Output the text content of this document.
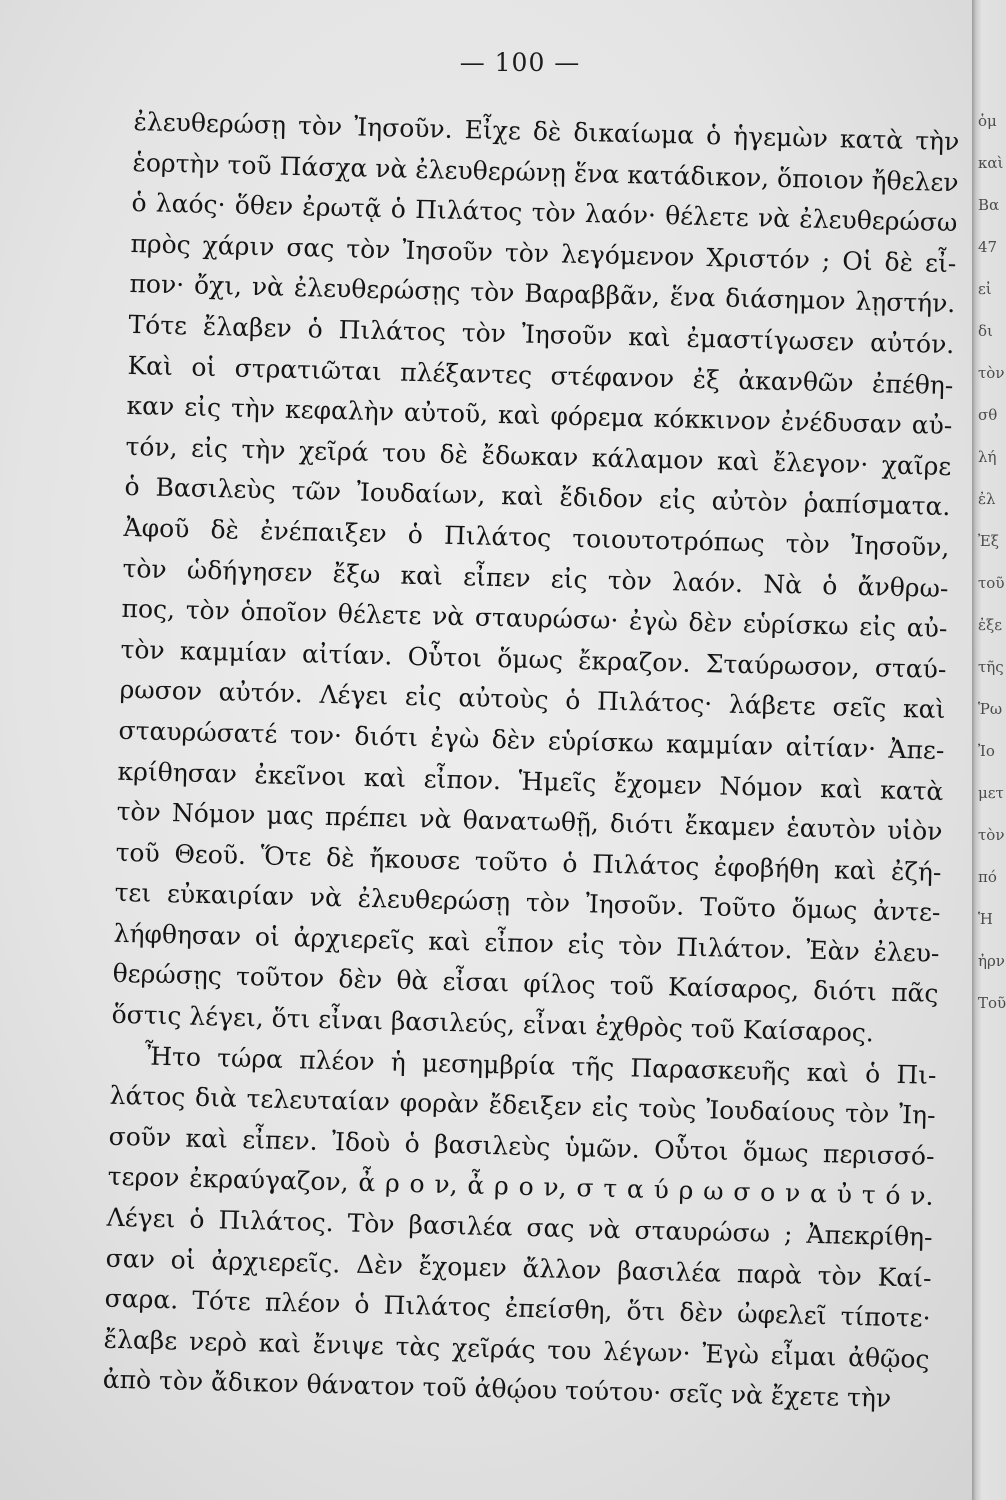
— 100 —
ἐλευθερώσῃ τὸν Ἰησοῦν. Εἶχε δὲ δικαίωμα ὁ ἡγεμὼν κατὰ τὴν
ἑορτὴν τοῦ Πάσχα νὰ ἐλευθερώνῃ ἕνα κατάδικον, ὅποιον ἤθελεν
ὁ λαός· ὅθεν ἐρωτᾷ ὁ Πιλάτος τὸν λαόν· θέλετε νὰ ἐλευθερώσω
πρὸς χάριν σας τὸν Ἰησοῦν τὸν λεγόμενον Χριστόν ; Οἱ δὲ εἶ-
πον· ὄχι, νὰ ἐλευθερώσῃς τὸν Βαραββᾶν, ἕνα διάσημον λῃστήν.
Τότε ἔλαβεν ὁ Πιλάτος τὸν Ἰησοῦν καὶ ἐμαστίγωσεν αὐτόν.
Καὶ οἱ στρατιῶται πλέξαντες στέφανον ἐξ ἀκανθῶν ἐπέθη-
καν εἰς τὴν κεφαλὴν αὐτοῦ, καὶ φόρεμα κόκκινον ἐνέδυσαν αὐ-
τόν, εἰς τὴν χεῖρά του δὲ ἔδωκαν κάλαμον καὶ ἔλεγον· χαῖρε
ὁ Βασιλεὺς τῶν Ἰουδαίων, καὶ ἔδιδον εἰς αὐτὸν ῥαπίσματα.
Ἀφοῦ δὲ ἐνέπαιξεν ὁ Πιλάτος τοιουτοτρόπως τὸν Ἰησοῦν,
τὸν ὡδήγησεν ἔξω καὶ εἶπεν εἰς τὸν λαόν. Νὰ ὁ ἄνθρω-
πος, τὸν ὁποῖον θέλετε νὰ σταυρώσω· ἐγὼ δὲν εὑρίσκω εἰς αὐ-
τὸν καμμίαν αἰτίαν. Οὗτοι ὅμως ἔκραζον. Σταύρωσον, σταύ-
ρωσον αὐτόν. Λέγει εἰς αὐτοὺς ὁ Πιλάτος· λάβετε σεῖς καὶ
σταυρώσατέ τον· διότι ἐγὼ δὲν εὑρίσκω καμμίαν αἰτίαν· Ἀπε-
κρίθησαν ἐκεῖνοι καὶ εἶπον. Ἡμεῖς ἔχομεν Νόμον καὶ κατὰ
τὸν Νόμον μας πρέπει νὰ θανατωθῇ, διότι ἔκαμεν ἑαυτὸν υἱὸν
τοῦ Θεοῦ. Ὅτε δὲ ἤκουσε τοῦτο ὁ Πιλάτος ἐφοβήθη καὶ ἐζή-
τει εὐκαιρίαν νὰ ἐλευθερώσῃ τὸν Ἰησοῦν. Τοῦτο ὅμως ἀντε-
λήφθησαν οἱ ἀρχιερεῖς καὶ εἶπον εἰς τὸν Πιλάτον. Ἐὰν ἐλευ-
θερώσῃς τοῦτον δὲν θὰ εἶσαι φίλος τοῦ Καίσαρος, διότι πᾶς
ὅστις λέγει, ὅτι εἶναι βασιλεύς, εἶναι ἐχθρὸς τοῦ Καίσαρος.
Ἦτο τώρα πλέον ἡ μεσημβρία τῆς Παρασκευῆς καὶ ὁ Πι-
λάτος διὰ τελευταίαν φορὰν ἔδειξεν εἰς τοὺς Ἰουδαίους τὸν Ἰη-
σοῦν καὶ εἶπεν. Ἰδοὺ ὁ βασιλεὺς ὑμῶν. Οὗτοι ὅμως περισσό-
τερον ἐκραύγαζον, ἆ ρ ο ν, ἆ ρ ο ν, σ τ α ύ ρ ω σ ο ν α ὐ τ ό ν.
Λέγει ὁ Πιλάτος. Τὸν βασιλέα σας νὰ σταυρώσω ; Ἀπεκρίθη-
σαν οἱ ἀρχιερεῖς. Δὲν ἔχομεν ἄλλον βασιλέα παρὰ τὸν Καί-
σαρα. Τότε πλέον ὁ Πιλάτος ἐπείσθη, ὅτι δὲν ὠφελεῖ τίποτε·
ἔλαβε νερὸ καὶ ἔνιψε τὰς χεῖράς του λέγων· Ἐγὼ εἶμαι ἀθῷος
ἀπὸ τὸν ἄδικον θάνατον τοῦ ἀθῴου τούτου· σεῖς νὰ ἔχετε τὴν
ὁμ
καὶ
Βα
47
εἰ
δι
τὸν
σθ
λή
ἐλ
Ἐξ
τοῦ
ἐξε
τῆς
Ῥω
Ἰο
μετ
τὸν
πό
Ἡ
ἠρν
Τοῦ
